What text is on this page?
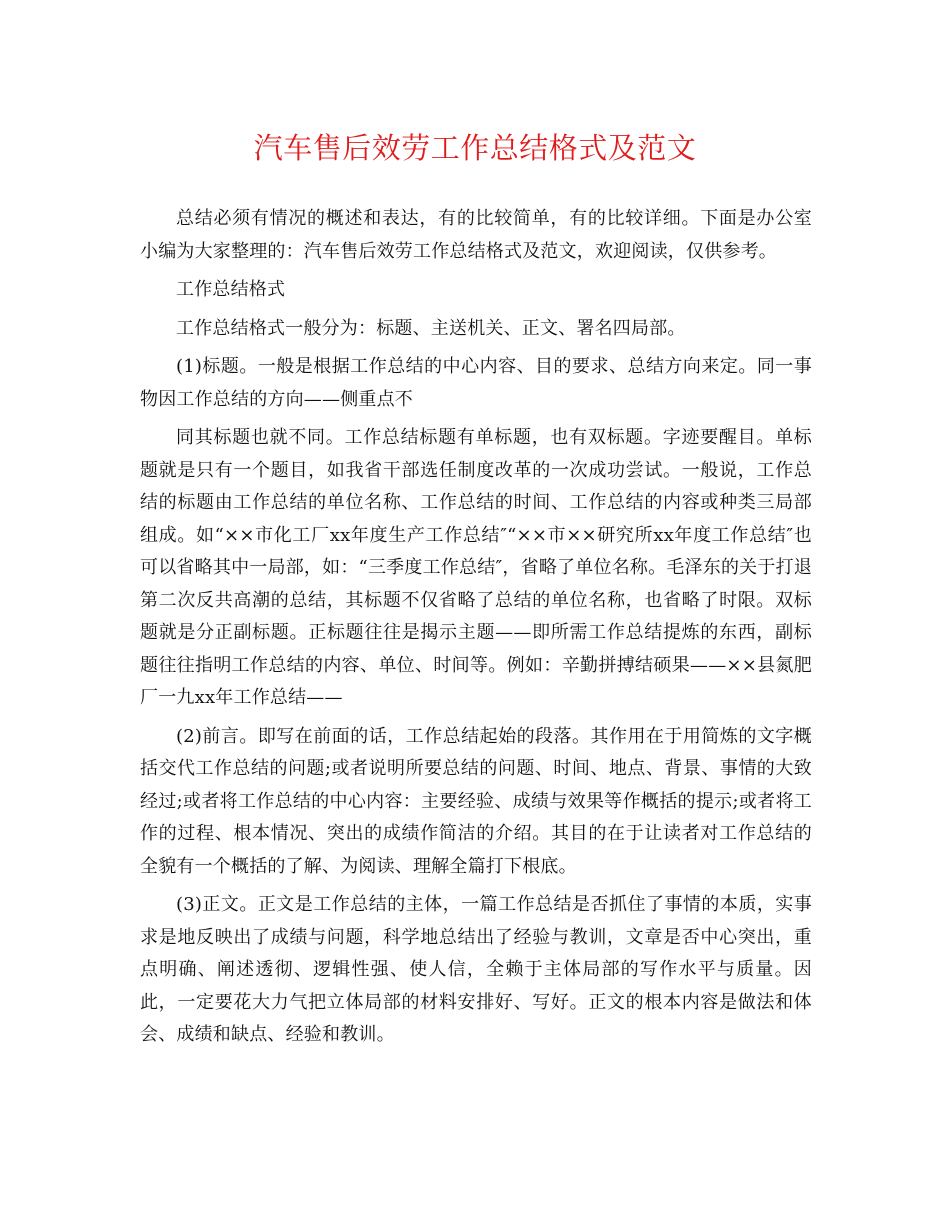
汽车售后效劳工作总结格式及范文

总结必须有情况的概述和表达，有的比较简单，有的比较详细。下面是办公室小编为大家整理的：汽车售后效劳工作总结格式及范文，欢迎阅读，仅供参考。

工作总结格式

工作总结格式一般分为：标题、主送机关、正文、署名四局部。

(1)标题。一般是根据工作总结的中心内容、目的要求、总结方向来定。同一事物因工作总结的方向——侧重点不

同其标题也就不同。工作总结标题有单标题，也有双标题。字迹要醒目。单标题就是只有一个题目，如我省干部选任制度改革的一次成功尝试。一般说，工作总结的标题由工作总结的单位名称、工作总结的时间、工作总结的内容或种类三局部组成。如“××市化工厂xx年度生产工作总结″“××市××研究所xx年度工作总结″也可以省略其中一局部，如：“三季度工作总结″，省略了单位名称。毛泽东的关于打退第二次反共高潮的总结，其标题不仅省略了总结的单位名称，也省略了时限。双标题就是分正副标题。正标题往往是揭示主题——即所需工作总结提炼的东西，副标题往往指明工作总结的内容、单位、时间等。例如：辛勤拼搏结硕果——××县氮肥厂一九xx年工作总结——

(2)前言。即写在前面的话，工作总结起始的段落。其作用在于用简炼的文字概括交代工作总结的问题;或者说明所要总结的问题、时间、地点、背景、事情的大致经过;或者将工作总结的中心内容：主要经验、成绩与效果等作概括的提示;或者将工作的过程、根本情况、突出的成绩作简洁的介绍。其目的在于让读者对工作总结的全貌有一个概括的了解、为阅读、理解全篇打下根底。

(3)正文。正文是工作总结的主体，一篇工作总结是否抓住了事情的本质，实事求是地反映出了成绩与问题，科学地总结出了经验与教训，文章是否中心突出，重点明确、阐述透彻、逻辑性强、使人信，全赖于主体局部的写作水平与质量。因此，一定要花大力气把立体局部的材料安排好、写好。正文的根本内容是做法和体会、成绩和缺点、经验和教训。
